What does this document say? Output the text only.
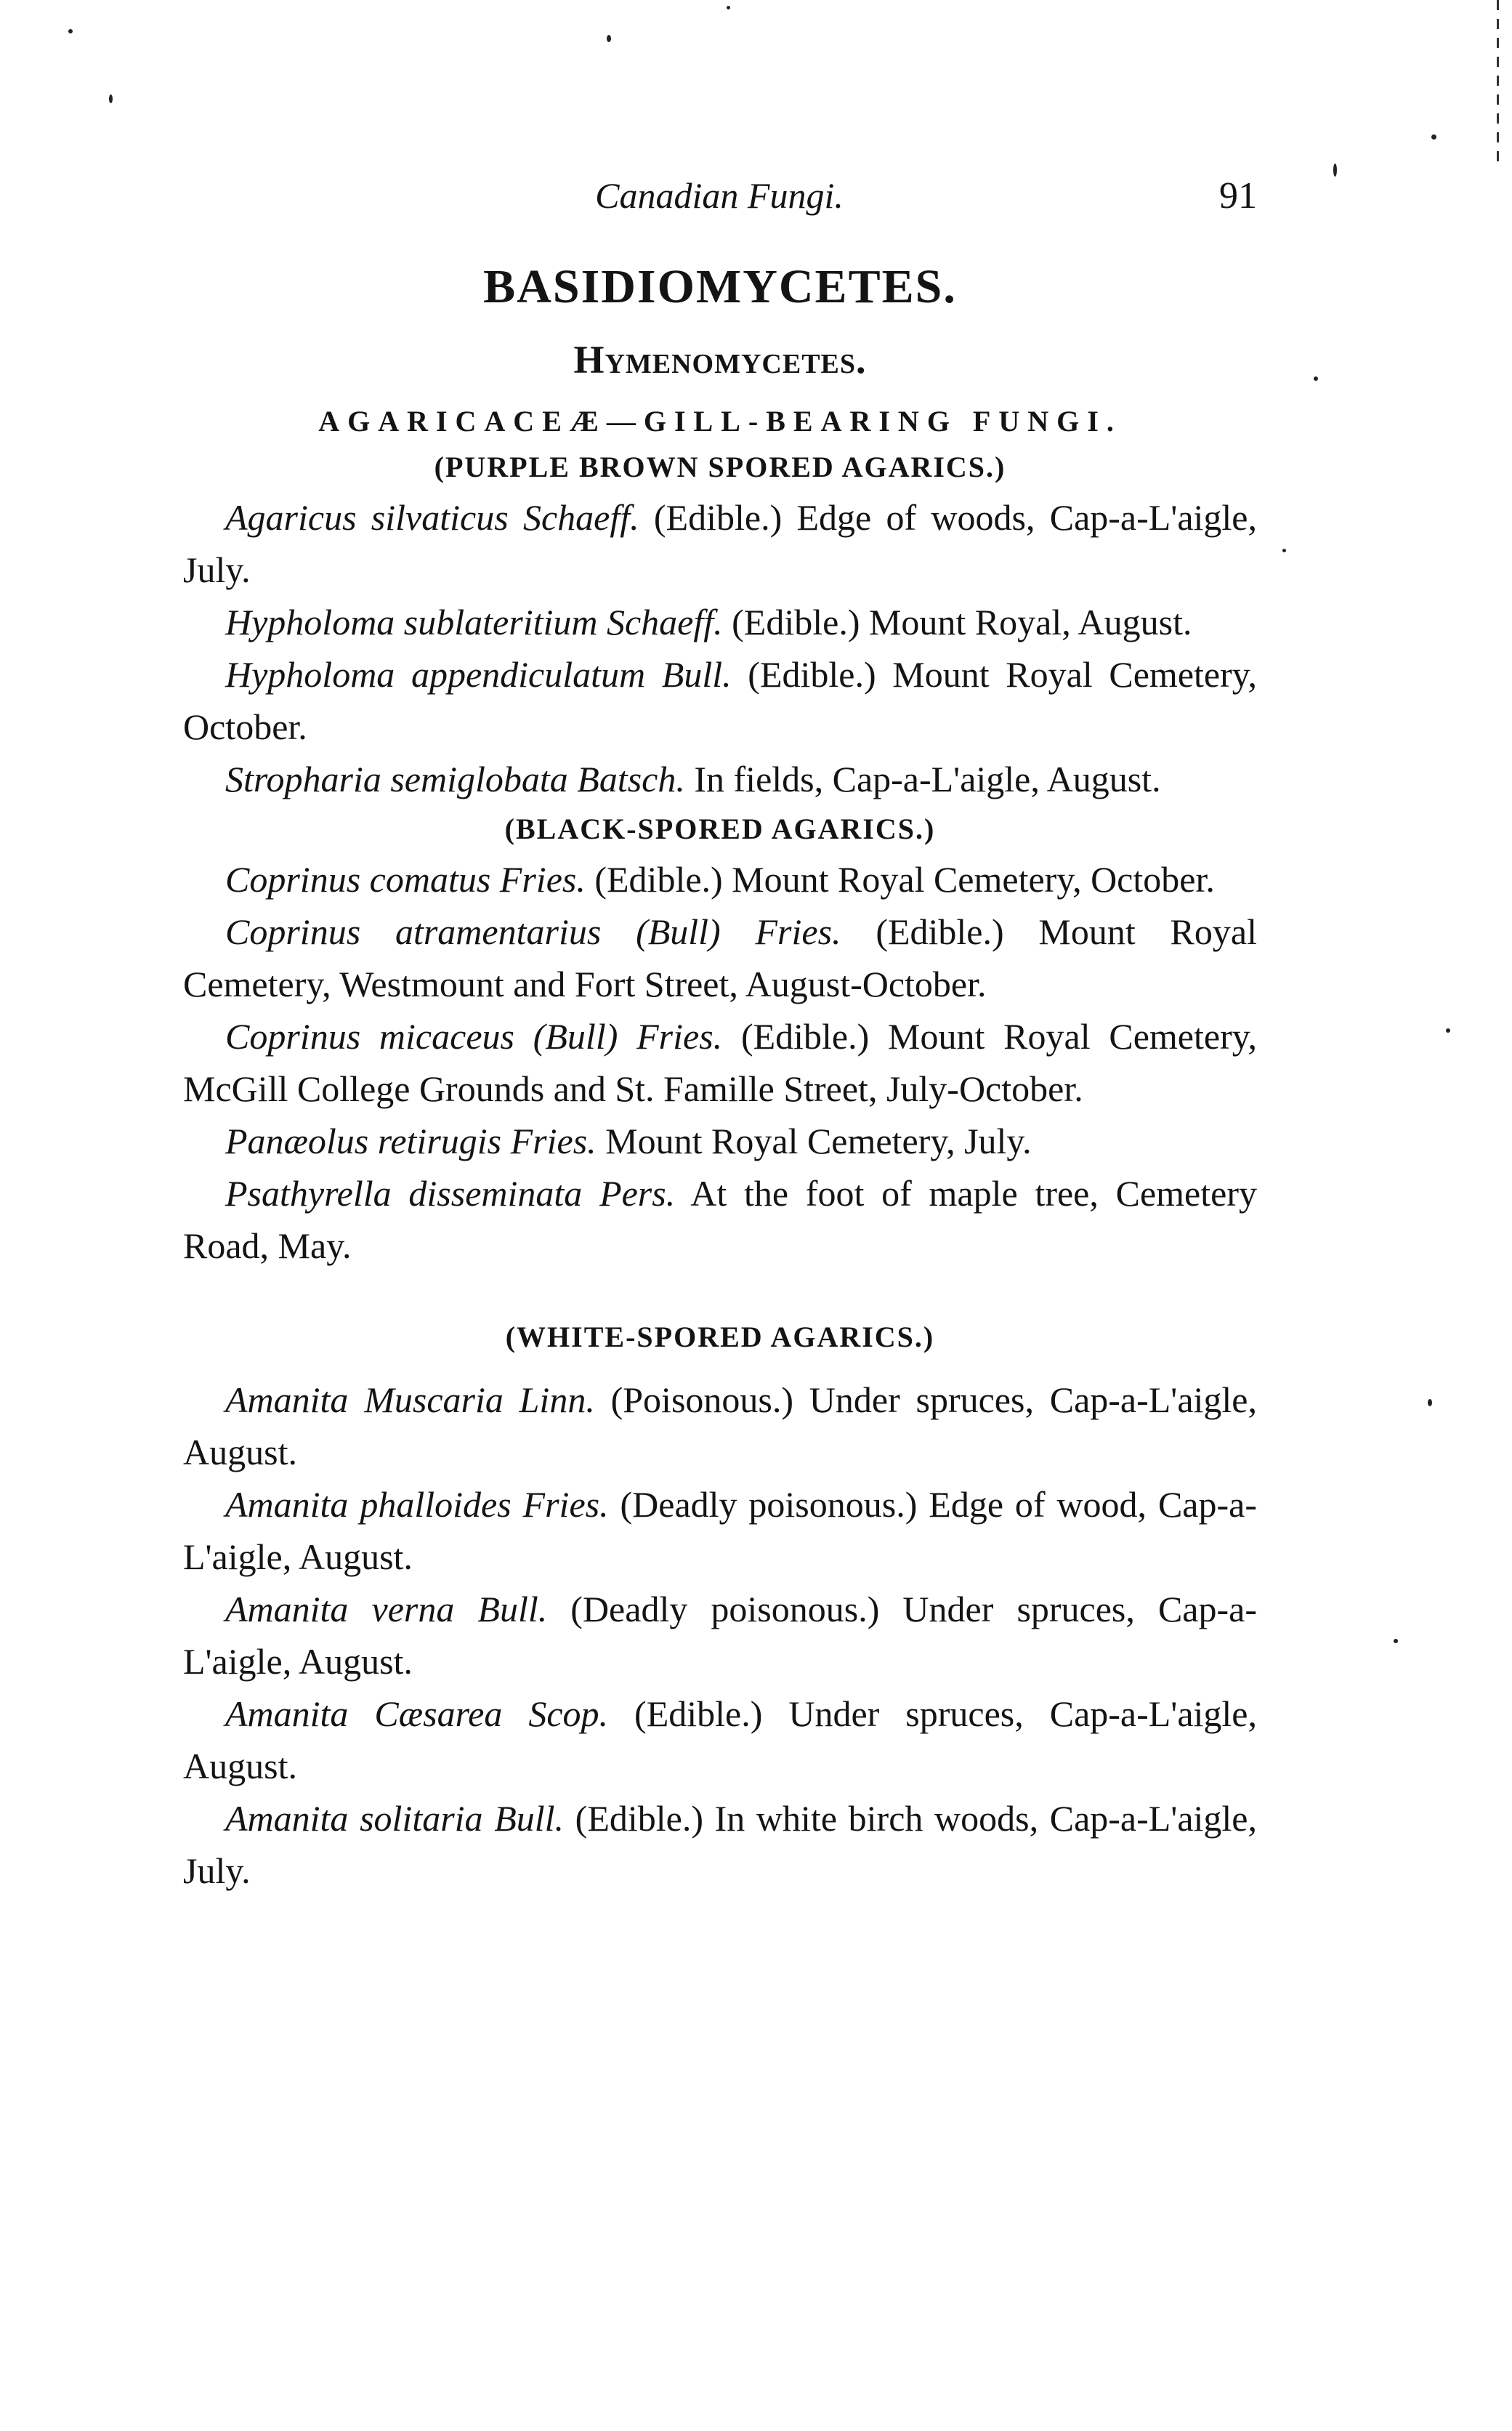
Canadian Fungi.	91
BASIDIOMYCETES.
Hymenomycetes.
AGARICACEÆ—GILL-BEARING FUNGI.
(PURPLE BROWN SPORED AGARICS.)

Agaricus silvaticus Schaeff. (Edible.) Edge of woods, Cap-a-L'aigle, July.

Hypholoma sublateritium Schaeff. (Edible.) Mount Royal, August.

Hypholoma appendiculatum Bull. (Edible.) Mount Royal Cemetery, October.

Stropharia semiglobata Batsch. In fields, Cap-a-L'aigle, August.

(BLACK-SPORED AGARICS.)

Coprinus comatus Fries. (Edible.) Mount Royal Cemetery, October.

Coprinus atramentarius (Bull) Fries. (Edible.) Mount Royal Cemetery, Westmount and Fort Street, August-October.

Coprinus micaceus (Bull) Fries. (Edible.) Mount Royal Cemetery, McGill College Grounds and St. Famille Street, July-October.

Panæolus retirugis Fries. Mount Royal Cemetery, July.

Psathyrella disseminata Pers. At the foot of maple tree, Cemetery Road, May.

(WHITE-SPORED AGARICS.)

Amanita Muscaria Linn. (Poisonous.) Under spruces, Cap-a-L'aigle, August.

Amanita phalloides Fries. (Deadly poisonous.) Edge of wood, Cap-a-L'aigle, August.

Amanita verna Bull. (Deadly poisonous.) Under spruces, Cap-a-L'aigle, August.

Amanita Cæsarea Scop. (Edible.) Under spruces, Cap-a-L'aigle, August.

Amanita solitaria Bull. (Edible.) In white birch woods, Cap-a-L'aigle, July.
